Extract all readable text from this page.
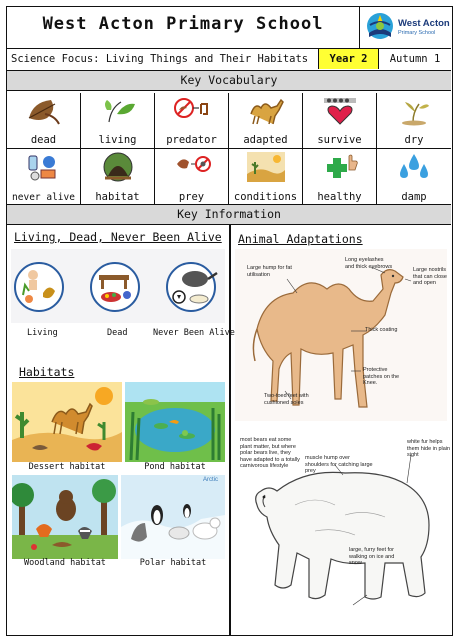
West Acton Primary School	West Acton
Primary School
Science Focus: Living Things and Their Habitats	Year 2	Autumn 1
Key Vocabulary
dead	living	predator	adapted	survive	dry
never alive	habitat	prey	conditions	healthy	damp
Key Information
Living, Dead, Never Been Alive
Living	Dead	Never Been Alive
Habitats
Dessert habitat	Pond habitat
Woodland habitat
Arctic
Polar habitat
Animal Adaptations
Large hump for fat utilisation
Long eyelashes and thick eyebrows
Large nostrils that can close and open
Thick coating
Protective patches on the Knee.
Two-toed feet with cushioned soles
most bears eat some plant matter, but where polar bears live, they have adapted to a totally carnivorous lifestyle
muscle hump over shoulders for catching large prey
white fur helps them hide in plain sight
large, furry feet for walking on ice and snow
